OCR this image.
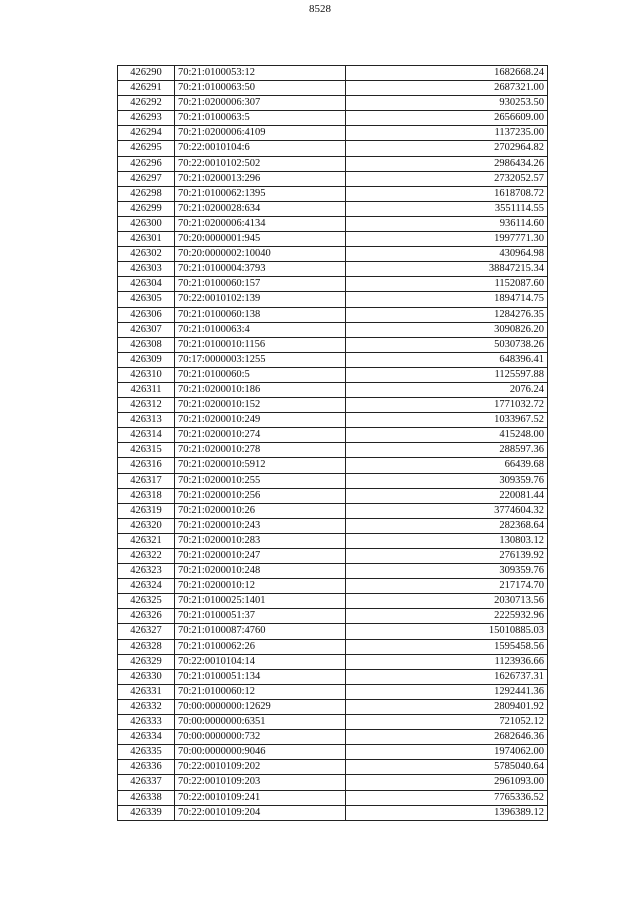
8528
426290	70:21:0100053:12	1682668.24
426291	70:21:0100063:50	2687321.00
426292	70:21:0200006:307	930253.50
426293	70:21:0100063:5	2656609.00
426294	70:21:0200006:4109	1137235.00
426295	70:22:0010104:6	2702964.82
426296	70:22:0010102:502	2986434.26
426297	70:21:0200013:296	2732052.57
426298	70:21:0100062:1395	1618708.72
426299	70:21:0200028:634	3551114.55
426300	70:21:0200006:4134	936114.60
426301	70:20:0000001:945	1997771.30
426302	70:20:0000002:10040	430964.98
426303	70:21:0100004:3793	38847215.34
426304	70:21:0100060:157	1152087.60
426305	70:22:0010102:139	1894714.75
426306	70:21:0100060:138	1284276.35
426307	70:21:0100063:4	3090826.20
426308	70:21:0100010:1156	5030738.26
426309	70:17:0000003:1255	648396.41
426310	70:21:0100060:5	1125597.88
426311	70:21:0200010:186	2076.24
426312	70:21:0200010:152	1771032.72
426313	70:21:0200010:249	1033967.52
426314	70:21:0200010:274	415248.00
426315	70:21:0200010:278	288597.36
426316	70:21:0200010:5912	66439.68
426317	70:21:0200010:255	309359.76
426318	70:21:0200010:256	220081.44
426319	70:21:0200010:26	3774604.32
426320	70:21:0200010:243	282368.64
426321	70:21:0200010:283	130803.12
426322	70:21:0200010:247	276139.92
426323	70:21:0200010:248	309359.76
426324	70:21:0200010:12	217174.70
426325	70:21:0100025:1401	2030713.56
426326	70:21:0100051:37	2225932.96
426327	70:21:0100087:4760	15010885.03
426328	70:21:0100062:26	1595458.56
426329	70:22:0010104:14	1123936.66
426330	70:21:0100051:134	1626737.31
426331	70:21:0100060:12	1292441.36
426332	70:00:0000000:12629	2809401.92
426333	70:00:0000000:6351	721052.12
426334	70:00:0000000:732	2682646.36
426335	70:00:0000000:9046	1974062.00
426336	70:22:0010109:202	5785040.64
426337	70:22:0010109:203	2961093.00
426338	70:22:0010109:241	7765336.52
426339	70:22:0010109:204	1396389.12
